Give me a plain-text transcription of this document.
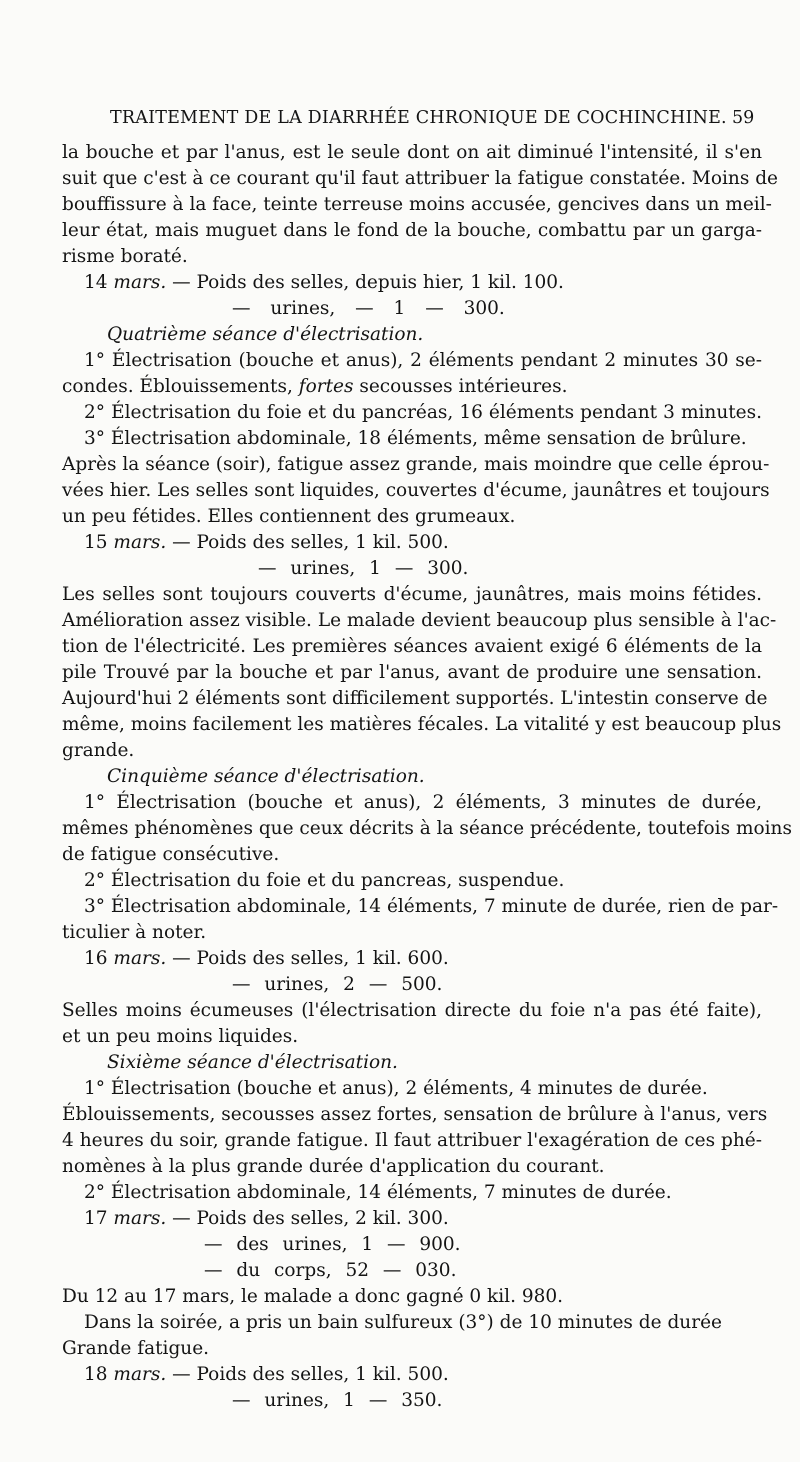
TRAITEMENT DE LA DIARRHÉE CHRONIQUE DE COCHINCHINE. 59
la bouche et par l'anus, est le seule dont on ait diminué l'intensité, il s'en
suit que c'est à ce courant qu'il faut attribuer la fatigue constatée. Moins de
bouffissure à la face, teinte terreuse moins accusée, gencives dans un meil-
leur état, mais muguet dans le fond de la bouche, combattu par un garga-
risme boraté.
14 mars. — Poids des selles, depuis hier, 1 kil. 100.
— urines, — 1 — 300.
Quatrième séance d'électrisation.
1° Électrisation (bouche et anus), 2 éléments pendant 2 minutes 30 se-
condes. Éblouissements, fortes secousses intérieures.
2° Électrisation du foie et du pancréas, 16 éléments pendant 3 minutes.
3° Électrisation abdominale, 18 éléments, même sensation de brûlure.
Après la séance (soir), fatigue assez grande, mais moindre que celle éprou-
vées hier. Les selles sont liquides, couvertes d'écume, jaunâtres et toujours
un peu fétides. Elles contiennent des grumeaux.
15 mars. — Poids des selles, 1 kil. 500.
— urines, 1 — 300.
Les selles sont toujours couverts d'écume, jaunâtres, mais moins fétides.
Amélioration assez visible. Le malade devient beaucoup plus sensible à l'ac-
tion de l'électricité. Les premières séances avaient exigé 6 éléments de la
pile Trouvé par la bouche et par l'anus, avant de produire une sensation.
Aujourd'hui 2 éléments sont difficilement supportés. L'intestin conserve de
même, moins facilement les matières fécales. La vitalité y est beaucoup plus
grande.
Cinquième séance d'électrisation.
1° Électrisation (bouche et anus), 2 éléments, 3 minutes de durée,
mêmes phénomènes que ceux décrits à la séance précédente, toutefois moins
de fatigue consécutive.
2° Électrisation du foie et du pancreas, suspendue.
3° Électrisation abdominale, 14 éléments, 7 minute de durée, rien de par-
ticulier à noter.
16 mars. — Poids des selles, 1 kil. 600.
— urines, 2 — 500.
Selles moins écumeuses (l'électrisation directe du foie n'a pas été faite),
et un peu moins liquides.
Sixième séance d'électrisation.
1° Électrisation (bouche et anus), 2 éléments, 4 minutes de durée.
Éblouissements, secousses assez fortes, sensation de brûlure à l'anus, vers
4 heures du soir, grande fatigue. Il faut attribuer l'exagération de ces phé-
nomènes à la plus grande durée d'application du courant.
2° Électrisation abdominale, 14 éléments, 7 minutes de durée.
17 mars. — Poids des selles, 2 kil. 300.
— des urines, 1 — 900.
— du corps, 52 — 030.
Du 12 au 17 mars, le malade a donc gagné 0 kil. 980.
Dans la soirée, a pris un bain sulfureux (3°) de 10 minutes de durée
Grande fatigue.
18 mars. — Poids des selles, 1 kil. 500.
— urines, 1 — 350.
